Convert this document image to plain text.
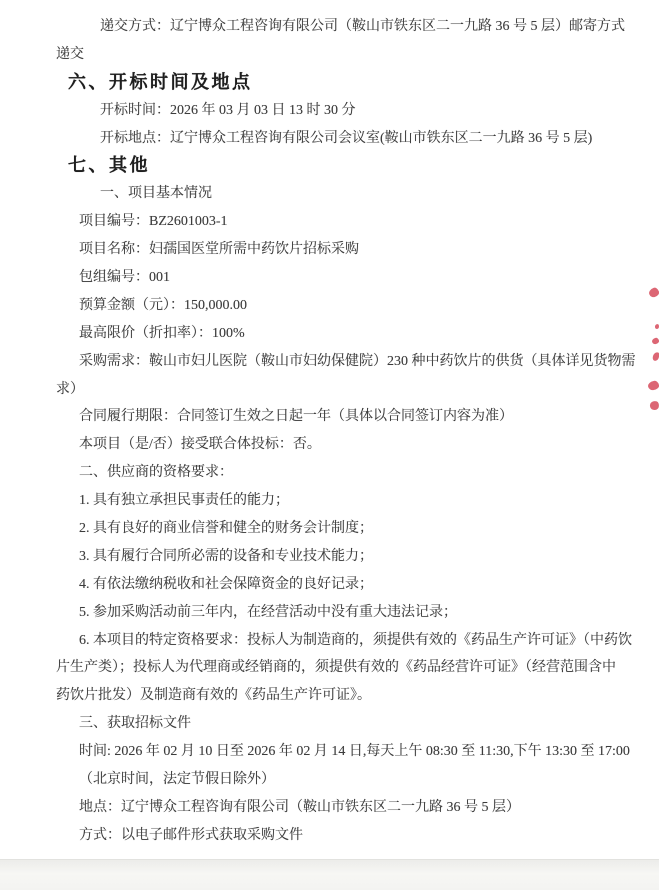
递交方式：辽宁博众工程咨询有限公司（鞍山市铁东区二一九路 36 号 5 层）邮寄方式
递交
六、开标时间及地点
开标时间：2026 年 03 月 03 日 13 时 30 分
开标地点：辽宁博众工程咨询有限公司会议室(鞍山市铁东区二一九路 36 号 5 层)
七、其他
一、项目基本情况
项目编号：BZ2601003-1
项目名称：妇孺国医堂所需中药饮片招标采购
包组编号：001
预算金额（元）：150,000.00
最高限价（折扣率）：100%
采购需求：鞍山市妇儿医院（鞍山市妇幼保健院）230 种中药饮片的供货（具体详见货物需
求）
合同履行期限：合同签订生效之日起一年（具体以合同签订内容为准）
本项目（是/否）接受联合体投标：否。
二、供应商的资格要求：
1. 具有独立承担民事责任的能力；
2. 具有良好的商业信誉和健全的财务会计制度；
3. 具有履行合同所必需的设备和专业技术能力；
4. 有依法缴纳税收和社会保障资金的良好记录；
5. 参加采购活动前三年内，在经营活动中没有重大违法记录；
6. 本项目的特定资格要求：投标人为制造商的，须提供有效的《药品生产许可证》（中药饮
片生产类）；投标人为代理商或经销商的，须提供有效的《药品经营许可证》（经营范围含中
药饮片批发）及制造商有效的《药品生产许可证》。
三、获取招标文件
时间: 2026 年 02 月 10 日至 2026 年 02 月 14 日,每天上午 08:30 至 11:30,下午 13:30 至 17:00
（北京时间，法定节假日除外）
地点：辽宁博众工程咨询有限公司（鞍山市铁东区二一九路 36 号 5 层）
方式：以电子邮件形式获取采购文件
